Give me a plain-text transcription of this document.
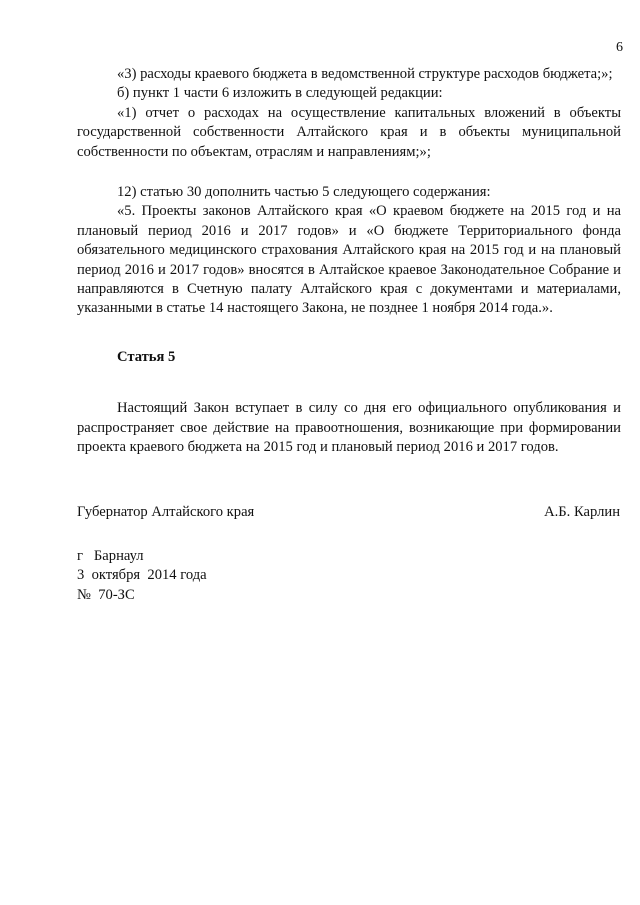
6

«3) расходы краевого бюджета в ведомственной структуре расходов бюджета;»;

б) пункт 1 части 6 изложить в следующей редакции:

«1) отчет о расходах на осуществление капитальных вложений в объекты государственной собственности Алтайского края и в объекты муниципальной собственности по объектам, отраслям и направлениям;»;

12) статью 30 дополнить частью 5 следующего содержания:

«5. Проекты законов Алтайского края «О краевом бюджете на 2015 год и на плановый период 2016 и 2017 годов» и «О бюджете Территориального фонда обязательного медицинского страхования Алтайского края на 2015 год и на плановый период 2016 и 2017 годов» вносятся в Алтайское краевое Законодательное Собрание и направляются в Счетную палату Алтайского края с документами и материалами, указанными в статье 14 настоящего Закона, не позднее 1 ноября 2014 года.».

Статья 5

Настоящий Закон вступает в силу со дня его официального опубликования и распространяет свое действие на правоотношения, возникающие при формировании проекта краевого бюджета на 2015 год и плановый период 2016 и 2017 годов.

Губернатор Алтайского края	А.Б. Карлин
г   Барнаул
3  октября  2014 года
№  70-ЗС
